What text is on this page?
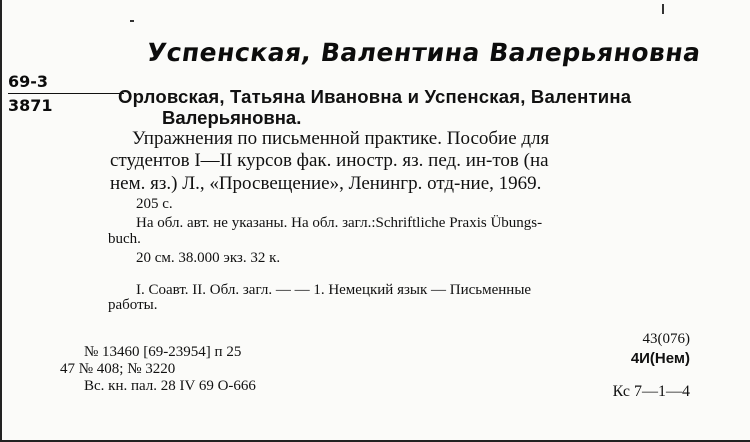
Успенская, Валентина Валерьяновна
69-3
3871	Орловская, Татьяна Ивановна и Успенская, Валентина
Валерьяновна.
Упражнения по письменной практике. Пособие для
студентов I—II курсов фак. иностр. яз. пед. ин-тов (на
нем. яз.) Л., «Просвещение», Ленингр. отд-ние, 1969.
205 с.
На обл. авт. не указаны. На обл. загл.:Schriftliche Praxis Übungs-
buch.
20 см. 38.000 экз. 32 к.
I. Соавт. II. Обл. загл. — — 1. Немецкий язык — Письменные
работы.
№ 13460 [69-23954] п 25
47 № 408; № 3220
Вс. кн. пал. 28 IV 69 О-666
43(076)
4И(Нем)
Кс 7—1—4
